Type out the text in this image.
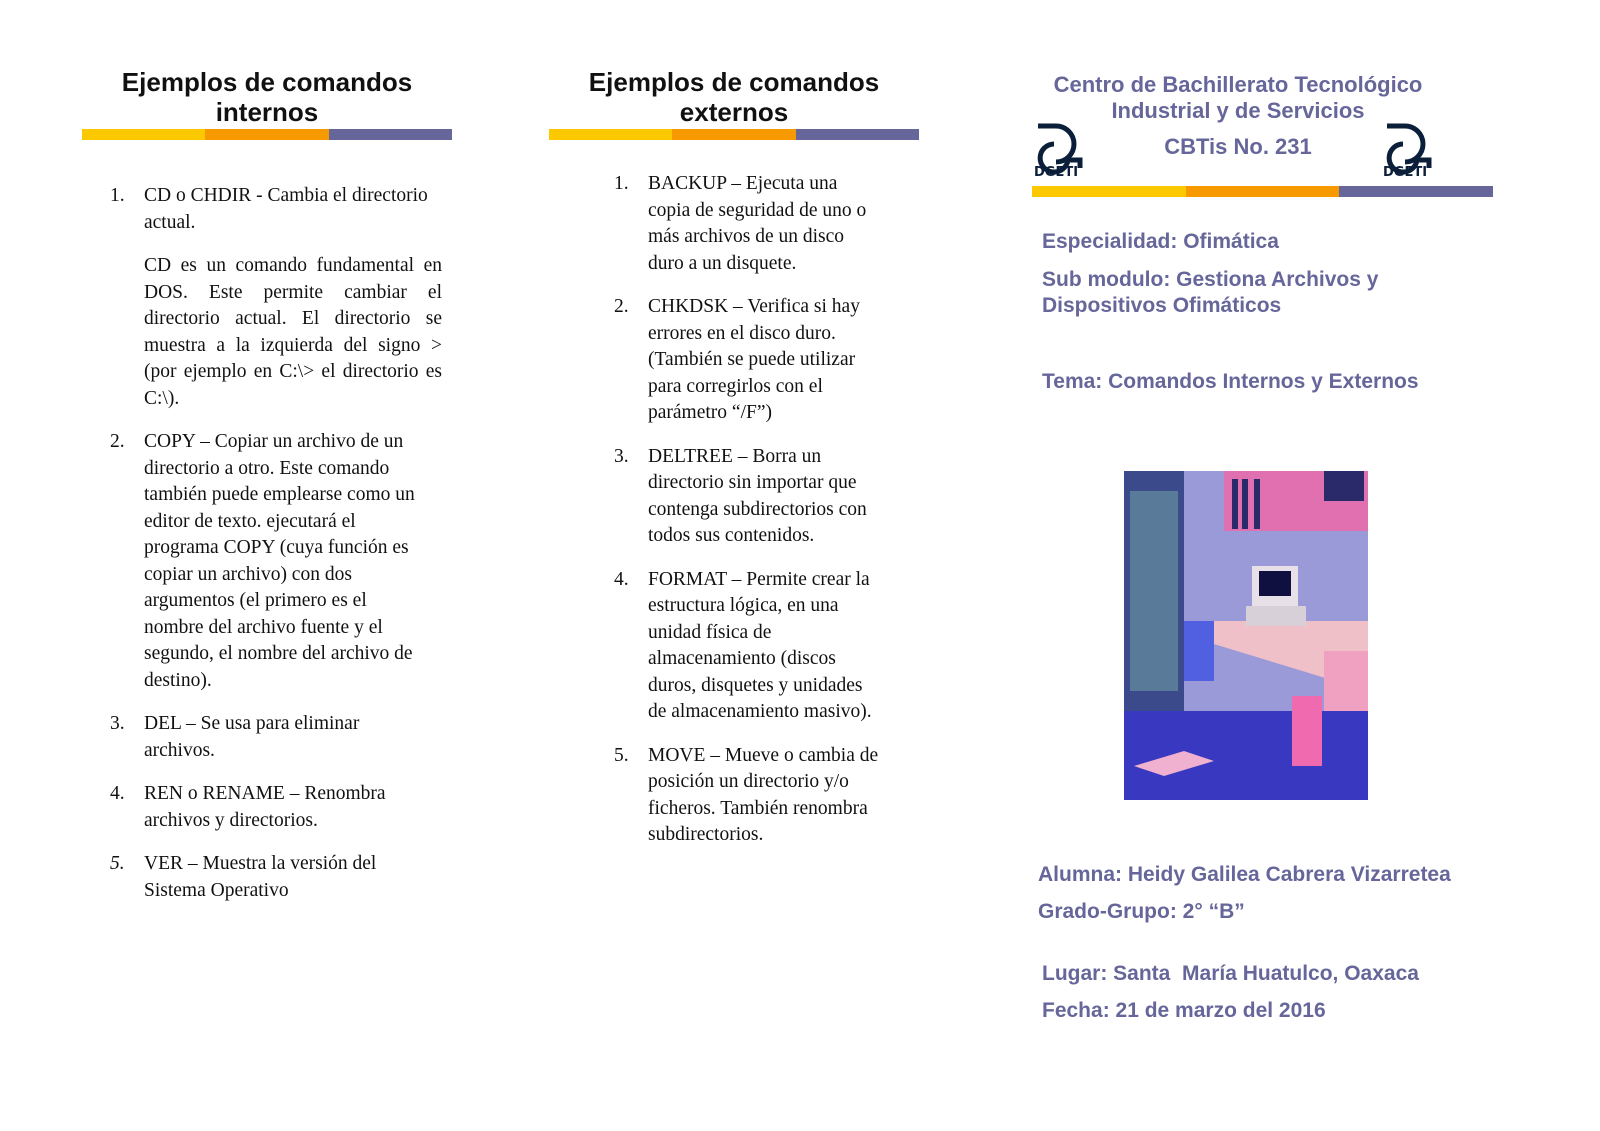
Ejemplos de comandos
internos
1. CD o CHDIR - Cambia el directorio actual.

CD es un comando fundamental en DOS. Este permite cambiar el directorio actual. El directorio se muestra a la izquierda del signo > (por ejemplo en C:\> el directorio es C:\).

2. COPY – Copiar un archivo de un directorio a otro. Este comando también puede emplearse como un editor de texto. ejecutará el programa COPY (cuya función es copiar un archivo) con dos argumentos (el primero es el nombre del archivo fuente y el segundo, el nombre del archivo de destino).
3. DEL – Se usa para eliminar archivos.
4. REN o RENAME – Renombra archivos y directorios.
5. VER – Muestra la versión del Sistema Operativo
Ejemplos de comandos
externos
1. BACKUP – Ejecuta una copia de seguridad de uno o más archivos de un disco duro a un disquete.
2. CHKDSK – Verifica si hay errores en el disco duro. (También se puede utilizar para corregirlos con el parámetro “/F”)
3. DELTREE – Borra un directorio sin importar que contenga subdirectorios con todos sus contenidos.
4. FORMAT – Permite crear la estructura lógica, en una unidad física de almacenamiento (discos duros, disquetes y unidades de almacenamiento masivo).
5. MOVE – Mueve o cambia de posición un directorio y/o ficheros. También renombra subdirectorios.
Centro de Bachillerato Tecnológico
Industrial y de Servicios
CBTis No. 231
DGETI	DGETI
Especialidad: Ofimática
Sub modulo: Gestiona Archivos y Dispositivos Ofimáticos
Tema: Comandos Internos y Externos
Alumna: Heidy Galilea Cabrera Vizarretea
Grado-Grupo: 2° “B”
Lugar: Santa  María Huatulco, Oaxaca
Fecha: 21 de marzo del 2016
